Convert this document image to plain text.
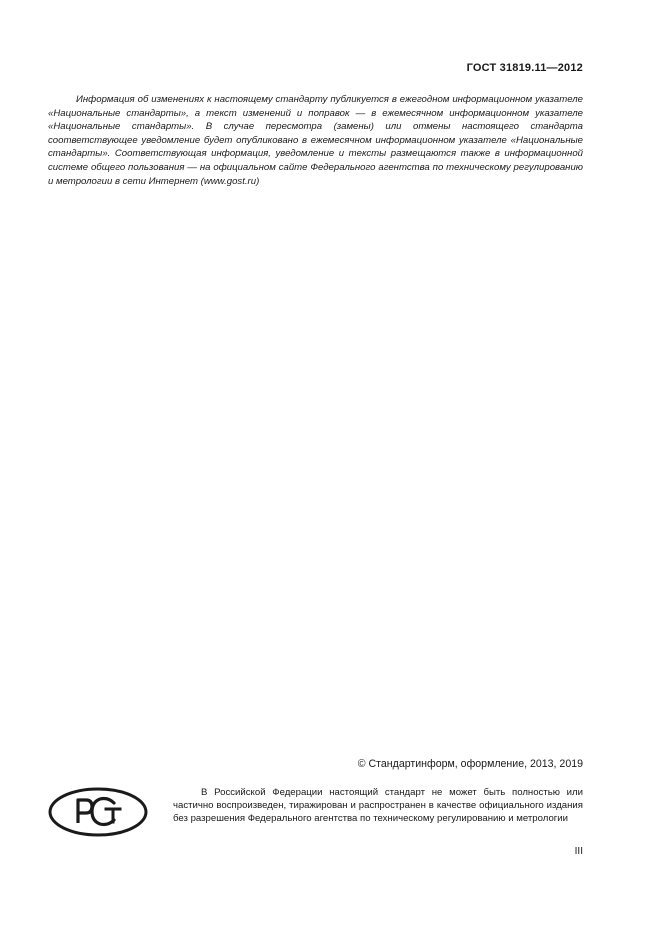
ГОСТ 31819.11—2012

Информация об изменениях к настоящему стандарту публикуется в ежегодном информационном указателе «Национальные стандарты», а текст изменений и поправок — в ежемесячном информационном указателе «Национальные стандарты». В случае пересмотра (замены) или отмены настоящего стандарта соответствующее уведомление будет опубликовано в ежемесячном информационном указателе «Национальные стандарты». Соответствующая информация, уведомление и тексты размещаются также в информационной системе общего пользования — на официальном сайте Федерального агентства по техническому регулированию и метрологии в сети Интернет (www.gost.ru)

© Стандартинформ, оформление, 2013, 2019

В Российской Федерации настоящий стандарт не может быть полностью или частично воспроизведен, тиражирован и распространен в качестве официального издания без разрешения Федерального агентства по техническому регулированию и метрологии

III
